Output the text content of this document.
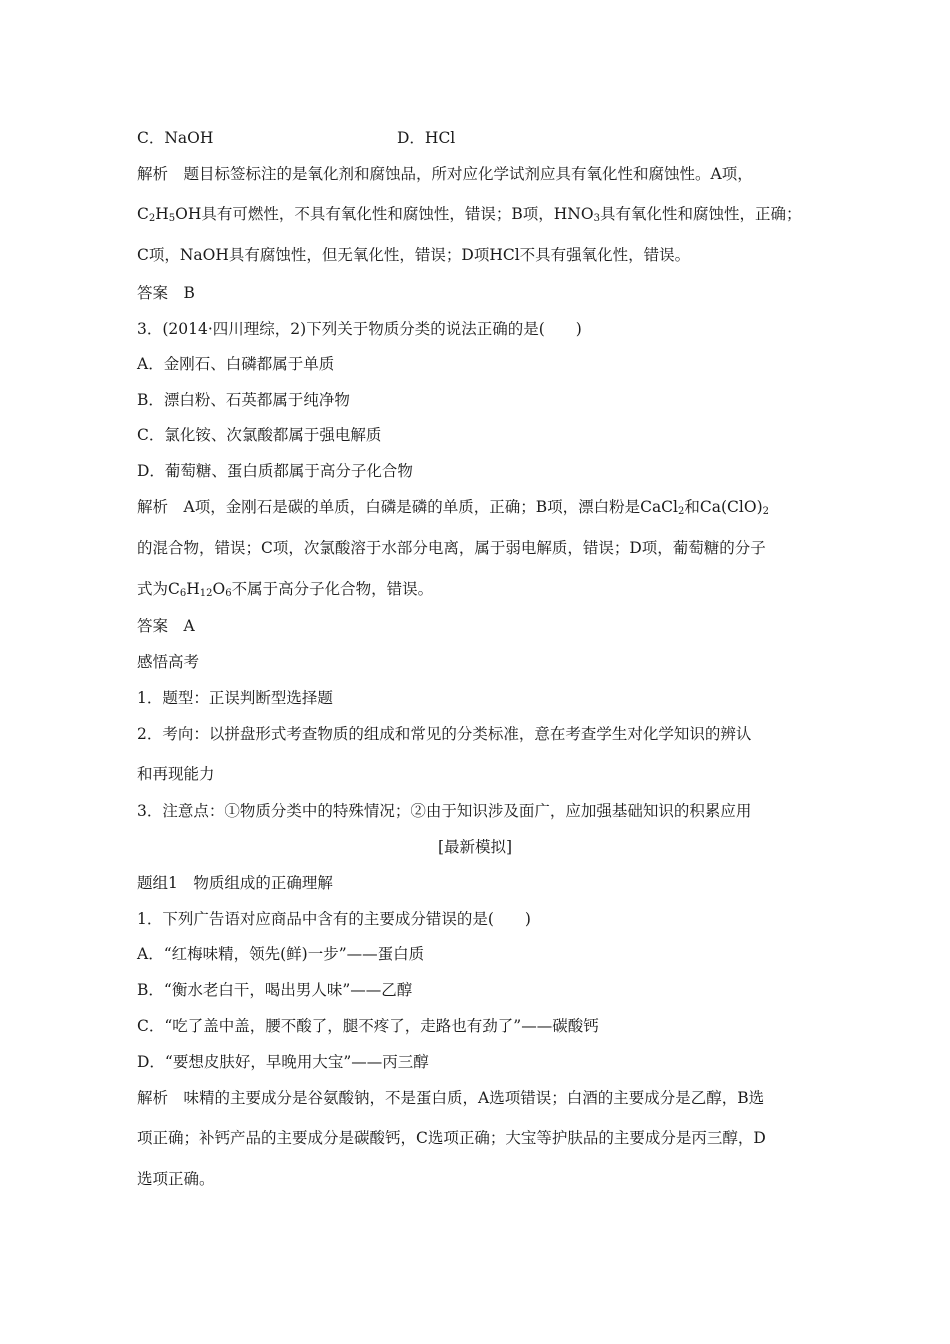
C．NaOH	D．HCl
解析　题目标签标注的是氧化剂和腐蚀品，所对应化学试剂应具有氧化性和腐蚀性。A项，
$C_2H_5OH$具有可燃性，不具有氧化性和腐蚀性，错误；B项，$HNO_3$具有氧化性和腐蚀性，正确；
C项，NaOH具有腐蚀性，但无氧化性，错误；D项HCl不具有强氧化性，错误。
答案　B
3．(2014·四川理综，2)下列关于物质分类的说法正确的是(　　)
A．金刚石、白磷都属于单质
B．漂白粉、石英都属于纯净物
C．氯化铵、次氯酸都属于强电解质
D．葡萄糖、蛋白质都属于高分子化合物
解析　A项，金刚石是碳的单质，白磷是磷的单质，正确；B项，漂白粉是CaCl$_2$和$Ca(ClO)_2$
的混合物，错误；C项，次氯酸溶于水部分电离，属于弱电解质，错误；D项，葡萄糖的分子
式为$C_6H_{12}O_6$不属于高分子化合物，错误。
答案　A
感悟高考
1．题型：正误判断型选择题
2．考向：以拼盘形式考查物质的组成和常见的分类标准，意在考查学生对化学知识的辨认
和再现能力
3．注意点：①物质分类中的特殊情况；②由于知识涉及面广，应加强基础知识的积累应用
[最新模拟]
题组1　物质组成的正确理解
1．下列广告语对应商品中含有的主要成分错误的是(　　)
A．“红梅味精，领先(鲜)一步”——蛋白质
B．“衡水老白干，喝出男人味”——乙醇
C．“吃了盖中盖，腰不酸了，腿不疼了，走路也有劲了”——碳酸钙
D．“要想皮肤好，早晚用大宝”——丙三醇
解析　味精的主要成分是谷氨酸钠，不是蛋白质，A选项错误；白酒的主要成分是乙醇，B选
项正确；补钙产品的主要成分是碳酸钙，C选项正确；大宝等护肤品的主要成分是丙三醇，D
选项正确。
